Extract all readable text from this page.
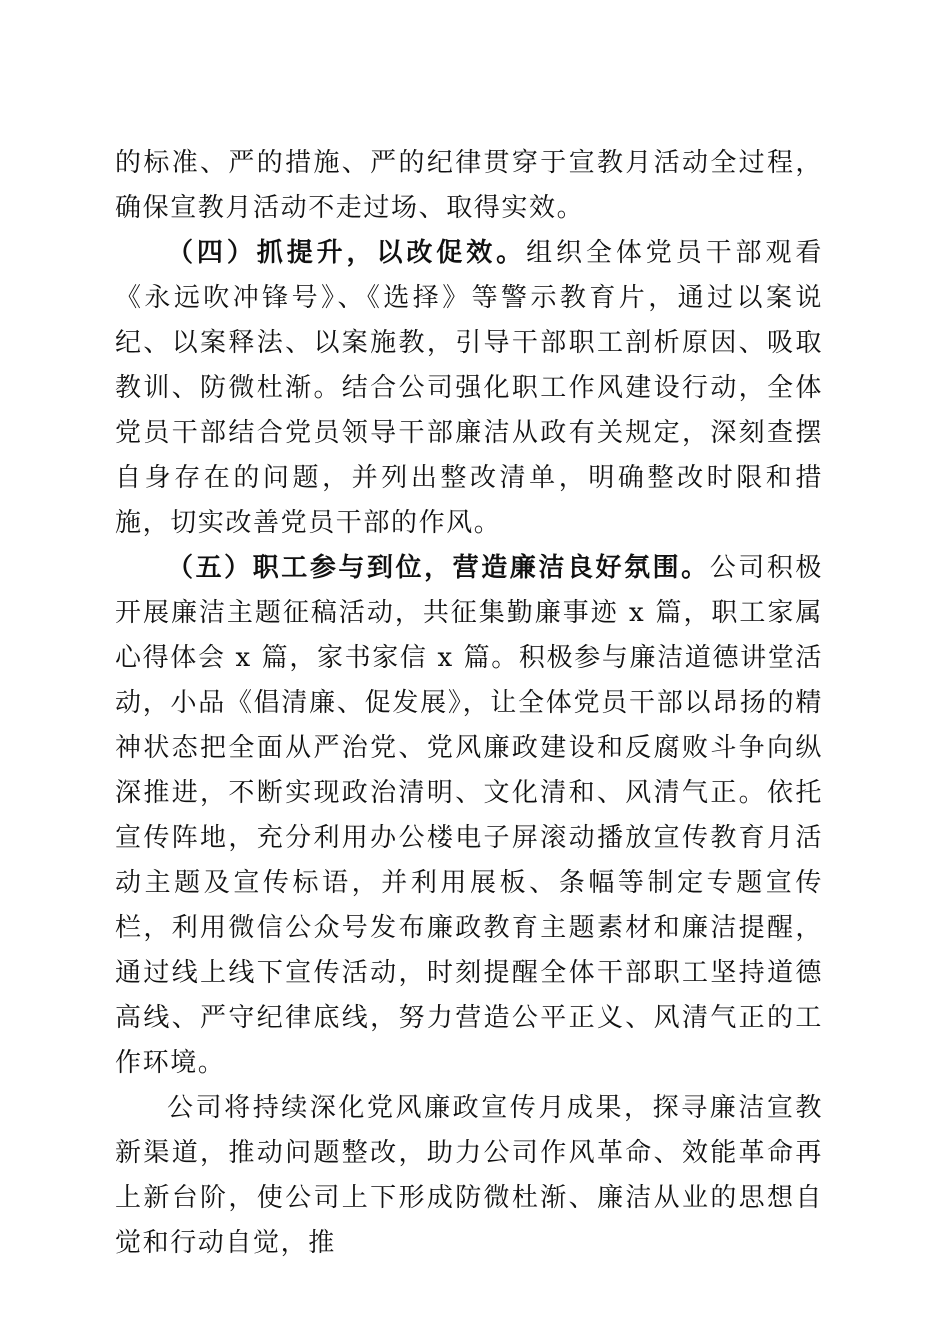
的标准、严的措施、严的纪律贯穿于宣教月活动全过程，确保宣教月活动不走过场、取得实效。

（四）抓提升，以改促效。组织全体党员干部观看《永远吹冲锋号》、《选择》等警示教育片，通过以案说纪、以案释法、以案施教，引导干部职工剖析原因、吸取教训、防微杜渐。结合公司强化职工作风建设行动，全体党员干部结合党员领导干部廉洁从政有关规定，深刻查摆自身存在的问题，并列出整改清单，明确整改时限和措施，切实改善党员干部的作风。

（五）职工参与到位，营造廉洁良好氛围。公司积极开展廉洁主题征稿活动，共征集勤廉事迹 x 篇，职工家属心得体会 x 篇，家书家信 x 篇。积极参与廉洁道德讲堂活动，小品《倡清廉、促发展》，让全体党员干部以昂扬的精神状态把全面从严治党、党风廉政建设和反腐败斗争向纵深推进，不断实现政治清明、文化清和、风清气正。依托宣传阵地，充分利用办公楼电子屏滚动播放宣传教育月活动主题及宣传标语，并利用展板、条幅等制定专题宣传栏，利用微信公众号发布廉政教育主题素材和廉洁提醒，通过线上线下宣传活动，时刻提醒全体干部职工坚持道德高线、严守纪律底线，努力营造公平正义、风清气正的工作环境。

公司将持续深化党风廉政宣传月成果，探寻廉洁宣教新渠道，推动问题整改，助力公司作风革命、效能革命再上新台阶，使公司上下形成防微杜渐、廉洁从业的思想自觉和行动自觉，推
